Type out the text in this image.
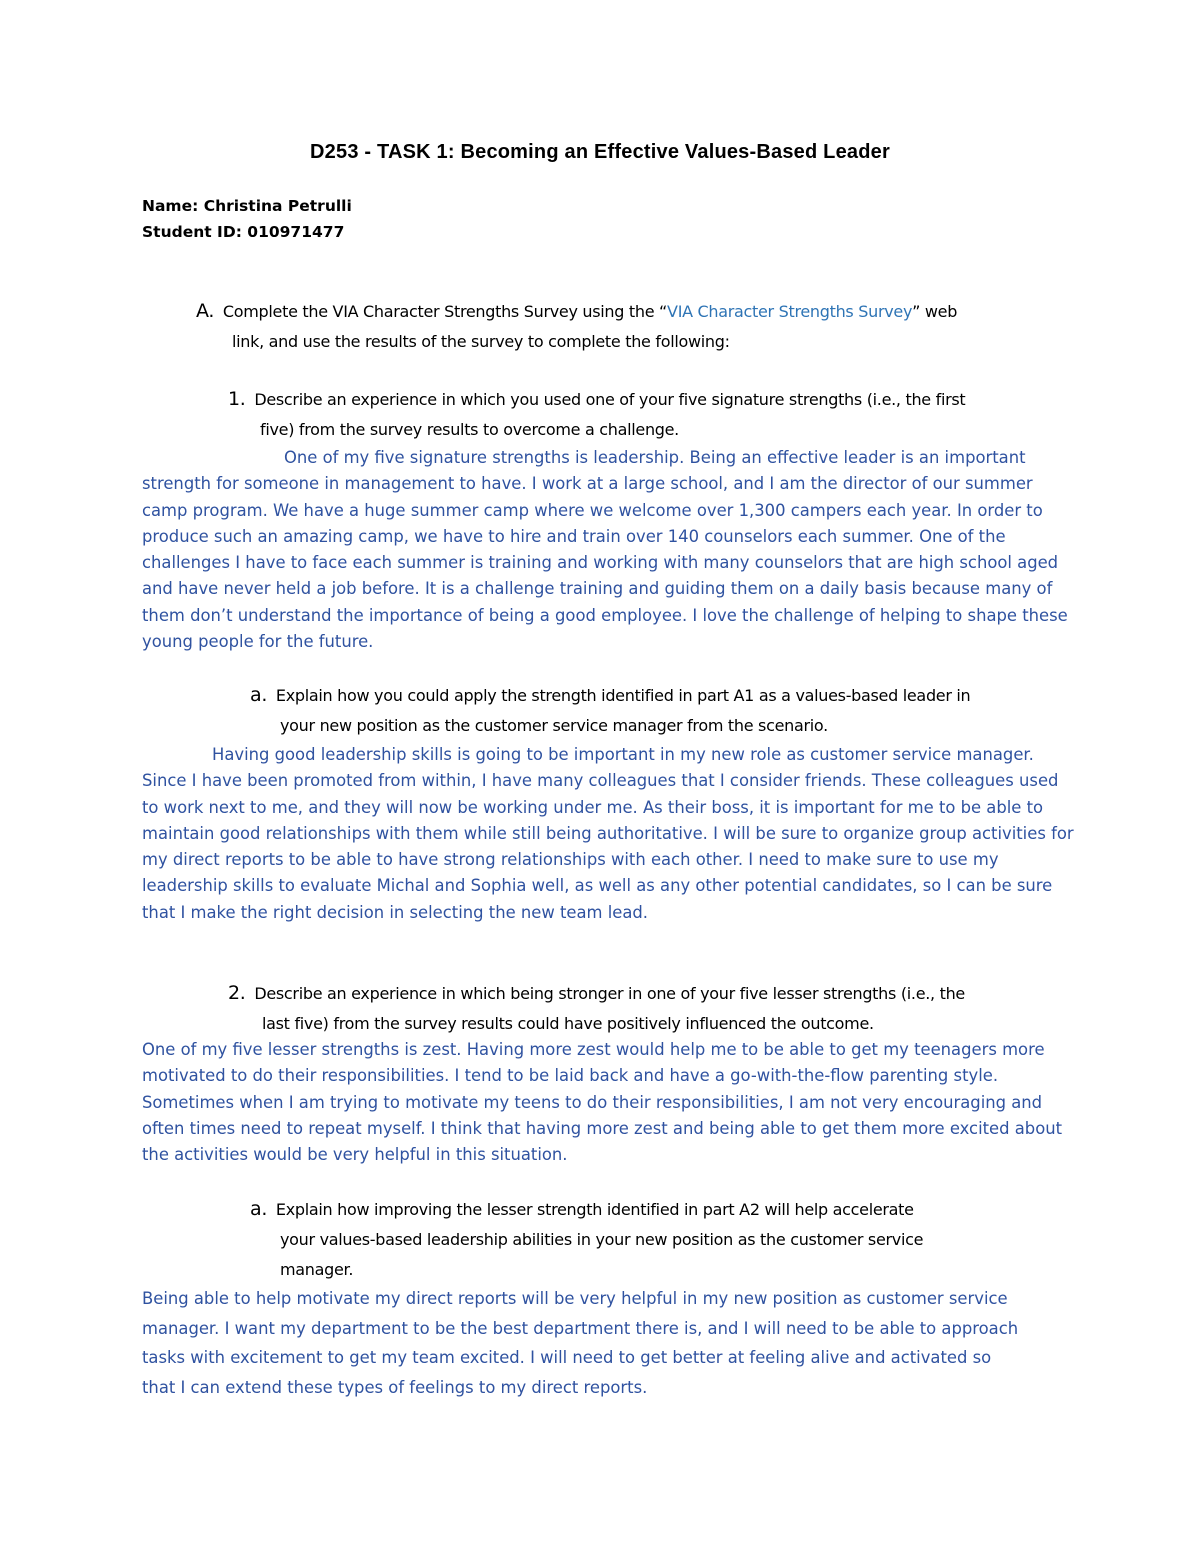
D253 - TASK 1: Becoming an Effective Values-Based Leader
Name: Christina Petrulli
Student ID: 010971477
A. Complete the VIA Character Strengths Survey using the “VIA Character Strengths Survey” web
link, and use the results of the survey to complete the following:
1. Describe an experience in which you used one of your five signature strengths (i.e., the first
five) from the survey results to overcome a challenge.

One of my five signature strengths is leadership. Being an effective leader is an important strength for someone in management to have. I work at a large school, and I am the director of our summer camp program. We have a huge summer camp where we welcome over 1,300 campers each year. In order to produce such an amazing camp, we have to hire and train over 140 counselors each summer. One of the challenges I have to face each summer is training and working with many counselors that are high school aged and have never held a job before. It is a challenge training and guiding them on a daily basis because many of them don’t understand the importance of being a good employee. I love the challenge of helping to shape these young people for the future.

a. Explain how you could apply the strength identified in part A1 as a values-based leader in
your new position as the customer service manager from the scenario.

Having good leadership skills is going to be important in my new role as customer service manager. Since I have been promoted from within, I have many colleagues that I consider friends. These colleagues used to work next to me, and they will now be working under me. As their boss, it is important for me to be able to maintain good relationships with them while still being authoritative. I will be sure to organize group activities for my direct reports to be able to have strong relationships with each other. I need to make sure to use my leadership skills to evaluate Michal and Sophia well, as well as any other potential candidates, so I can be sure that I make the right decision in selecting the new team lead.

2. Describe an experience in which being stronger in one of your five lesser strengths (i.e., the
last five) from the survey results could have positively influenced the outcome.

One of my five lesser strengths is zest. Having more zest would help me to be able to get my teenagers more motivated to do their responsibilities. I tend to be laid back and have a go-with-the-flow parenting style. Sometimes when I am trying to motivate my teens to do their responsibilities, I am not very encouraging and often times need to repeat myself. I think that having more zest and being able to get them more excited about the activities would be very helpful in this situation.

a. Explain how improving the lesser strength identified in part A2 will help accelerate
your values-based leadership abilities in your new position as the customer service
manager.

Being able to help motivate my direct reports will be very helpful in my new position as customer service manager. I want my department to be the best department there is, and I will need to be able to approach tasks with excitement to get my team excited. I will need to get better at feeling alive and activated so that I can extend these types of feelings to my direct reports.
